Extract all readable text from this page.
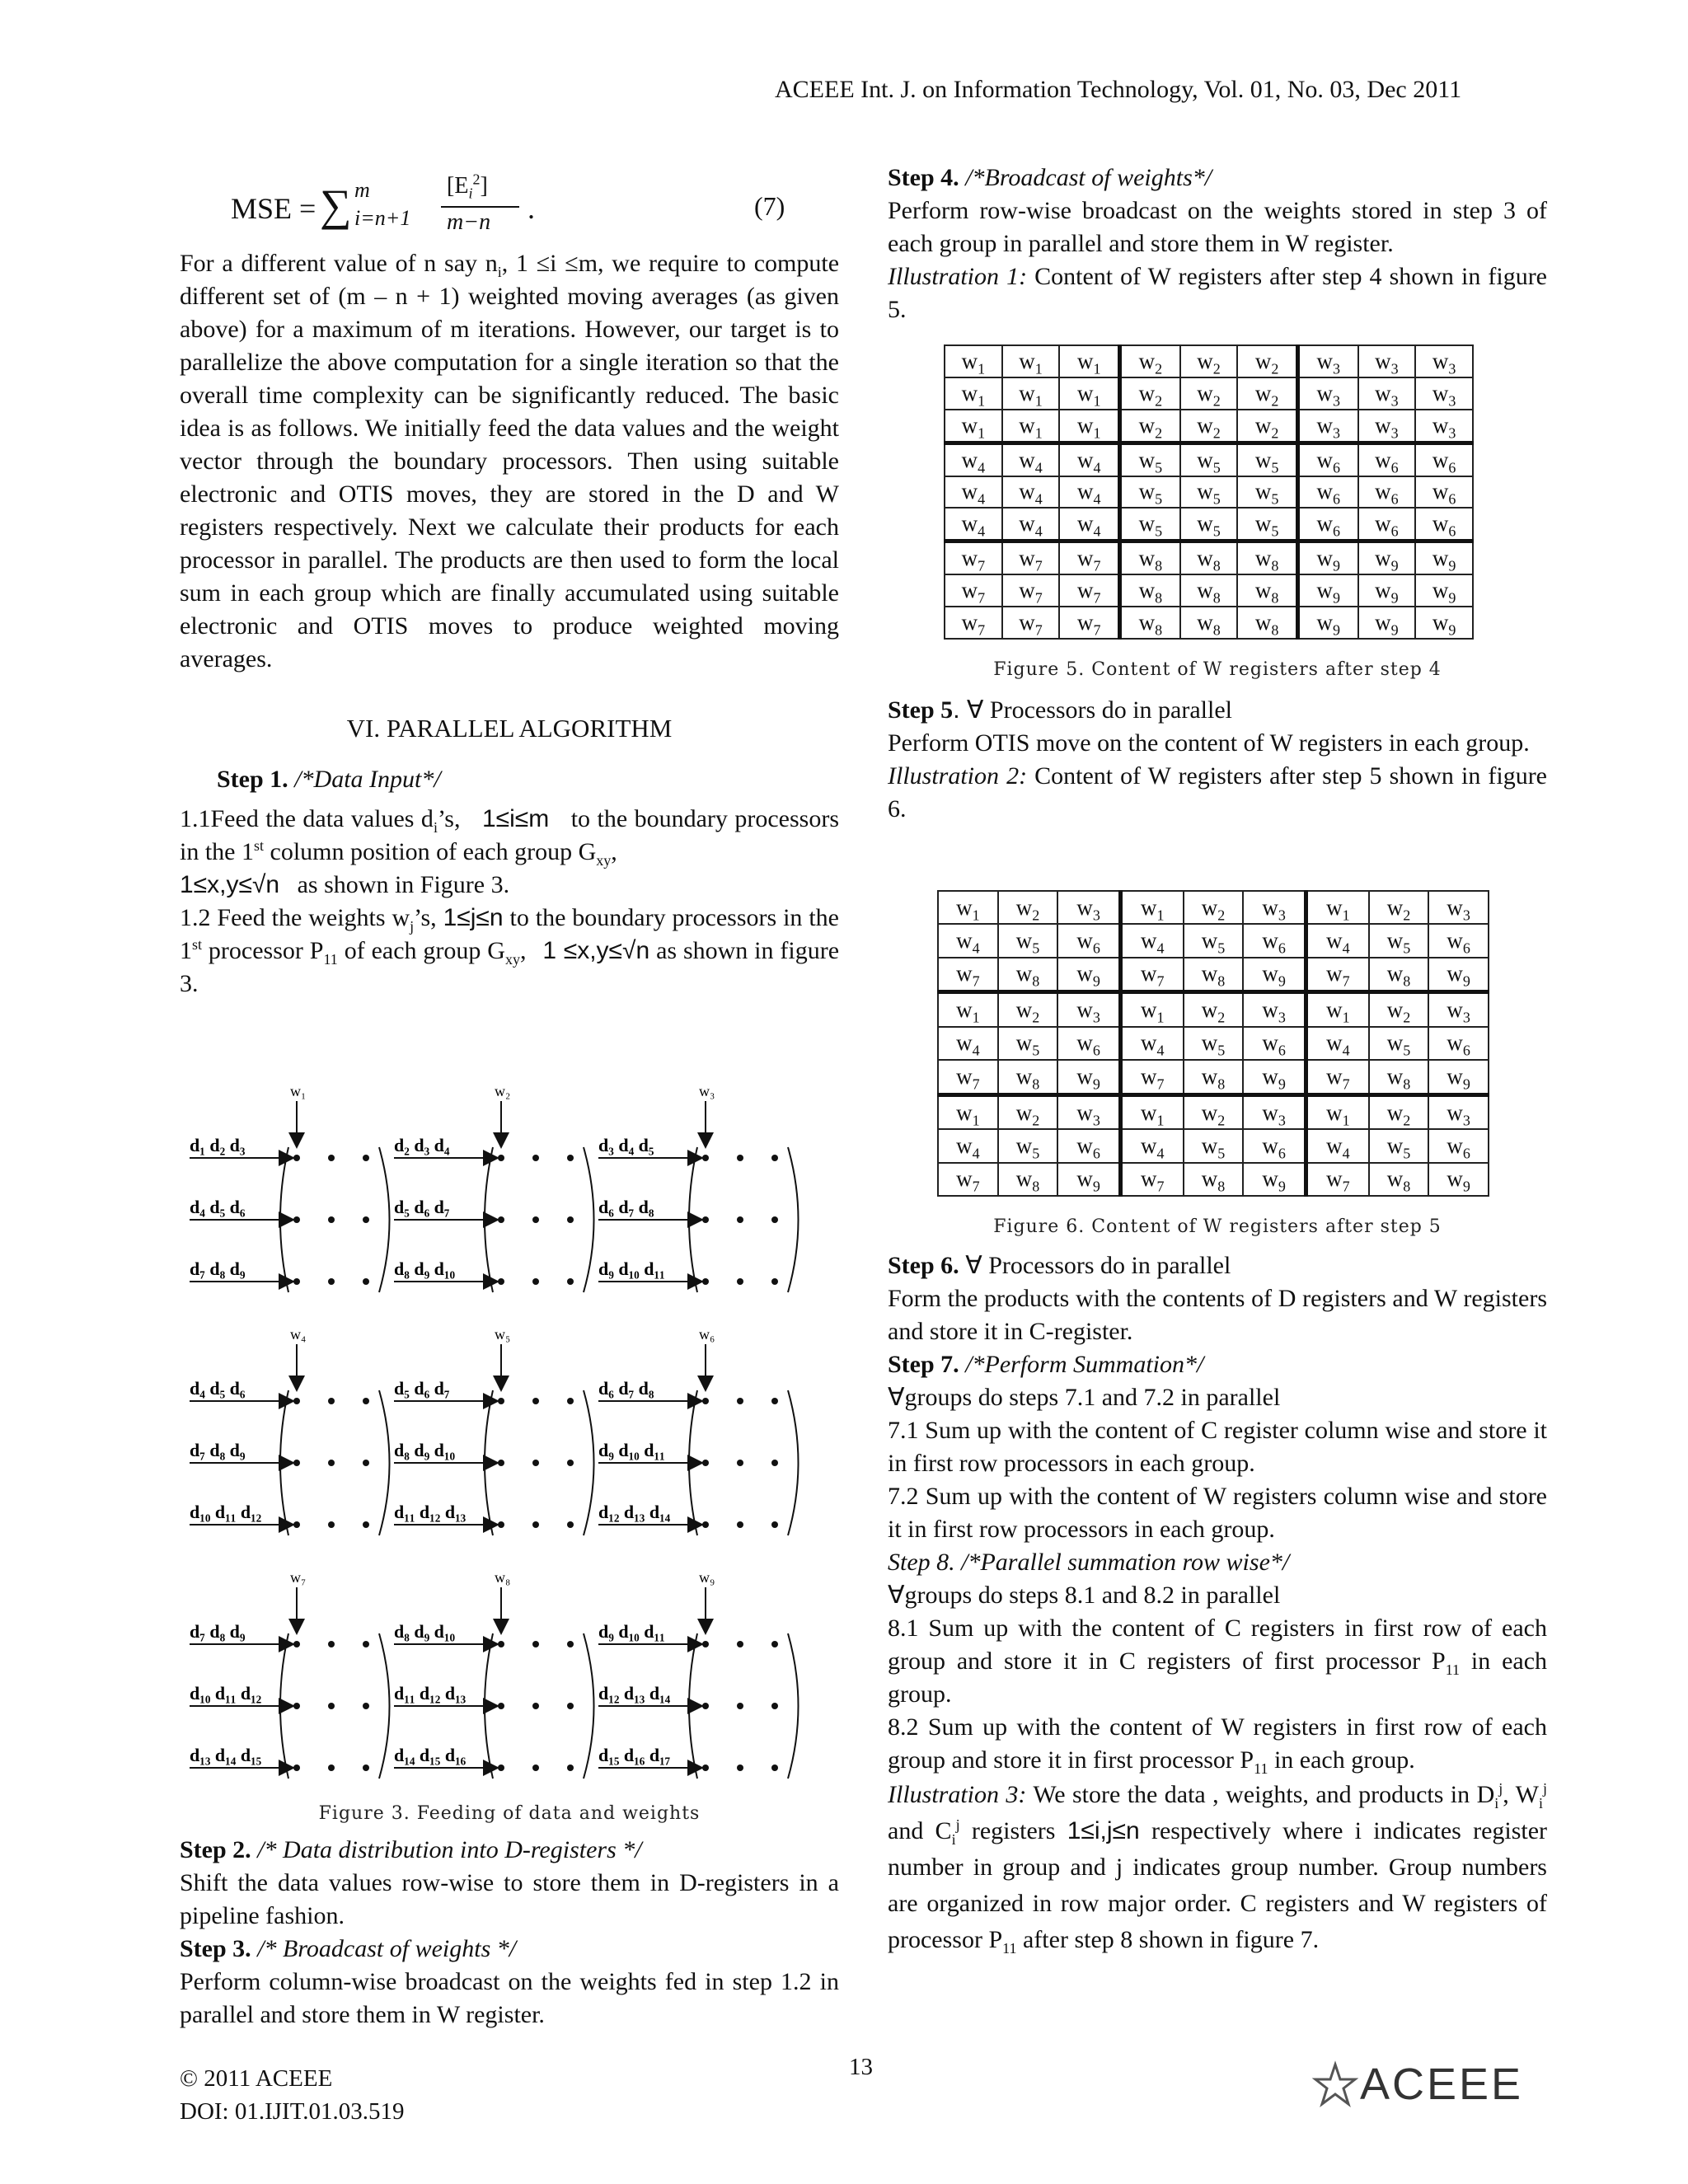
ACEEE Int. J. on Information Technology, Vol. 01, No. 03, Dec 2011
MSE = ∑ m
i=n+1
$[E_i^2]$
m−n .	(7)

For a different value of n say $n_i$, 1 ≤i ≤m, we require to compute different set of (m – n + 1) weighted moving averages (as given above) for a maximum of m iterations. However, our target is to parallelize the above computation for a single iteration so that the overall time complexity can be significantly reduced. The basic idea is as follows. We initially feed the data values and the weight vector through the boundary processors. Then using suitable electronic and OTIS moves, they are stored in the D and W registers respectively. Next we calculate their products for each processor in parallel. The products are then used to form the local sum in each group which are finally accumulated using suitable electronic and OTIS moves to produce weighted moving averages.

VI. PARALLEL ALGORITHM
Step 1. /*Data Input*/

1.1Feed the data values $d_i’s$, 1≤i≤m to the boundary processors in the 1st column position of each group $G_{xy}$,
1≤x,y≤√n as shown in Figure 3.

1.2 Feed the weights $w_j’s$, 1≤j≤n to the boundary processors in the 1st processor $P_{11}$ of each group $G_{xy}$, 1 ≤x,y≤√n as shown in figure 3.

w₁
d₁ d₂ d₃
d₄ d₅ d₆
d₇ d₈ d₉
w₂
d₂ d₃ d₄
d₅ d₆ d₇
d₈ d₉ d₁₀
w₃
d₃ d₄ d₅
d₆ d₇ d₈
d₉ d₁₀ d₁₁
w₄
d₄ d₅ d₆
d₇ d₈ d₉
d₁₀ d₁₁ d₁₂
w₅
d₅ d₆ d₇
d₈ d₉ d₁₀
d₁₁ d₁₂ d₁₃
w₆
d₆ d₇ d₈
d₉ d₁₀ d₁₁
d₁₂ d₁₃ d₁₄
w₇
d₇ d₈ d₉
d₁₀ d₁₁ d₁₂
d₁₃ d₁₄ d₁₅
w₈
d₈ d₉ d₁₀
d₁₁ d₁₂ d₁₃
d₁₄ d₁₅ d₁₆
w₉
d₉ d₁₀ d₁₁
d₁₂ d₁₃ d₁₄
d₁₅ d₁₆ d₁₇
Figure 3. Feeding of data and weights
Step 2. /* Data distribution into D-registers */

Shift the data values row-wise to store them in D-registers in a pipeline fashion.

Step 3. /* Broadcast of weights */

Perform column-wise broadcast on the weights fed in step 1.2 in parallel and store them in W register.

Step 4. /*Broadcast of weights*/

Perform row-wise broadcast on the weights stored in step 3 of each group in parallel and store them in W register.

Illustration 1: Content of W registers after step 4 shown in figure 5.

$w_1$	$w_1$	$w_1$	$w_2$	$w_2$	$w_2$	$w_3$	$w_3$	$w_3$
$w_1$	$w_1$	$w_1$	$w_2$	$w_2$	$w_2$	$w_3$	$w_3$	$w_3$
$w_1$	$w_1$	$w_1$	$w_2$	$w_2$	$w_2$	$w_3$	$w_3$	$w_3$
$w_4$	$w_4$	$w_4$	$w_5$	$w_5$	$w_5$	$w_6$	$w_6$	$w_6$
$w_4$	$w_4$	$w_4$	$w_5$	$w_5$	$w_5$	$w_6$	$w_6$	$w_6$
$w_4$	$w_4$	$w_4$	$w_5$	$w_5$	$w_5$	$w_6$	$w_6$	$w_6$
$w_7$	$w_7$	$w_7$	$w_8$	$w_8$	$w_8$	$w_9$	$w_9$	$w_9$
$w_7$	$w_7$	$w_7$	$w_8$	$w_8$	$w_8$	$w_9$	$w_9$	$w_9$
$w_7$	$w_7$	$w_7$	$w_8$	$w_8$	$w_8$	$w_9$	$w_9$	$w_9$
Figure 5. Content of W registers after step 4
Step 5. ∀ Processors do in parallel

Perform OTIS move on the content of W registers in each group.

Illustration 2: Content of W registers after step 5 shown in figure 6.

$w_1$	$w_2$	$w_3$	$w_1$	$w_2$	$w_3$	$w_1$	$w_2$	$w_3$
$w_4$	$w_5$	$w_6$	$w_4$	$w_5$	$w_6$	$w_4$	$w_5$	$w_6$
$w_7$	$w_8$	$w_9$	$w_7$	$w_8$	$w_9$	$w_7$	$w_8$	$w_9$
$w_1$	$w_2$	$w_3$	$w_1$	$w_2$	$w_3$	$w_1$	$w_2$	$w_3$
$w_4$	$w_5$	$w_6$	$w_4$	$w_5$	$w_6$	$w_4$	$w_5$	$w_6$
$w_7$	$w_8$	$w_9$	$w_7$	$w_8$	$w_9$	$w_7$	$w_8$	$w_9$
$w_1$	$w_2$	$w_3$	$w_1$	$w_2$	$w_3$	$w_1$	$w_2$	$w_3$
$w_4$	$w_5$	$w_6$	$w_4$	$w_5$	$w_6$	$w_4$	$w_5$	$w_6$
$w_7$	$w_8$	$w_9$	$w_7$	$w_8$	$w_9$	$w_7$	$w_8$	$w_9$
Figure 6. Content of W registers after step 5
Step 6. ∀ Processors do in parallel

Form the products with the contents of D registers and W registers and store it in C-register.

Step 7. /*Perform Summation*/
∀groups do steps 7.1 and 7.2 in parallel

7.1 Sum up with the content of C register column wise and store it in first row processors in each group.

7.2 Sum up with the content of W registers column wise and store it in first row processors in each group.

Step 8. /*Parallel summation row wise*/
∀groups do steps 8.1 and 8.2 in parallel

8.1 Sum up with the content of C registers in first row of each group and store it in C registers of first processor $P_{11}$ in each group.

8.2 Sum up with the content of W registers in first row of each group and store it in first processor $P_{11}$ in each group.

Illustration 3: We store the data , weights, and products in $D_i^j$, $W_i^j$ and $C_i^j$ registers 1≤i,j≤n respectively where i indicates register number in group and j indicates group number. Group numbers are organized in row major order. C registers and W registers of processor $P_{11}$ after step 8 shown in figure 7.

© 2011 ACEEE
DOI: 01.IJIT.01.03.519
13	ACEEE
